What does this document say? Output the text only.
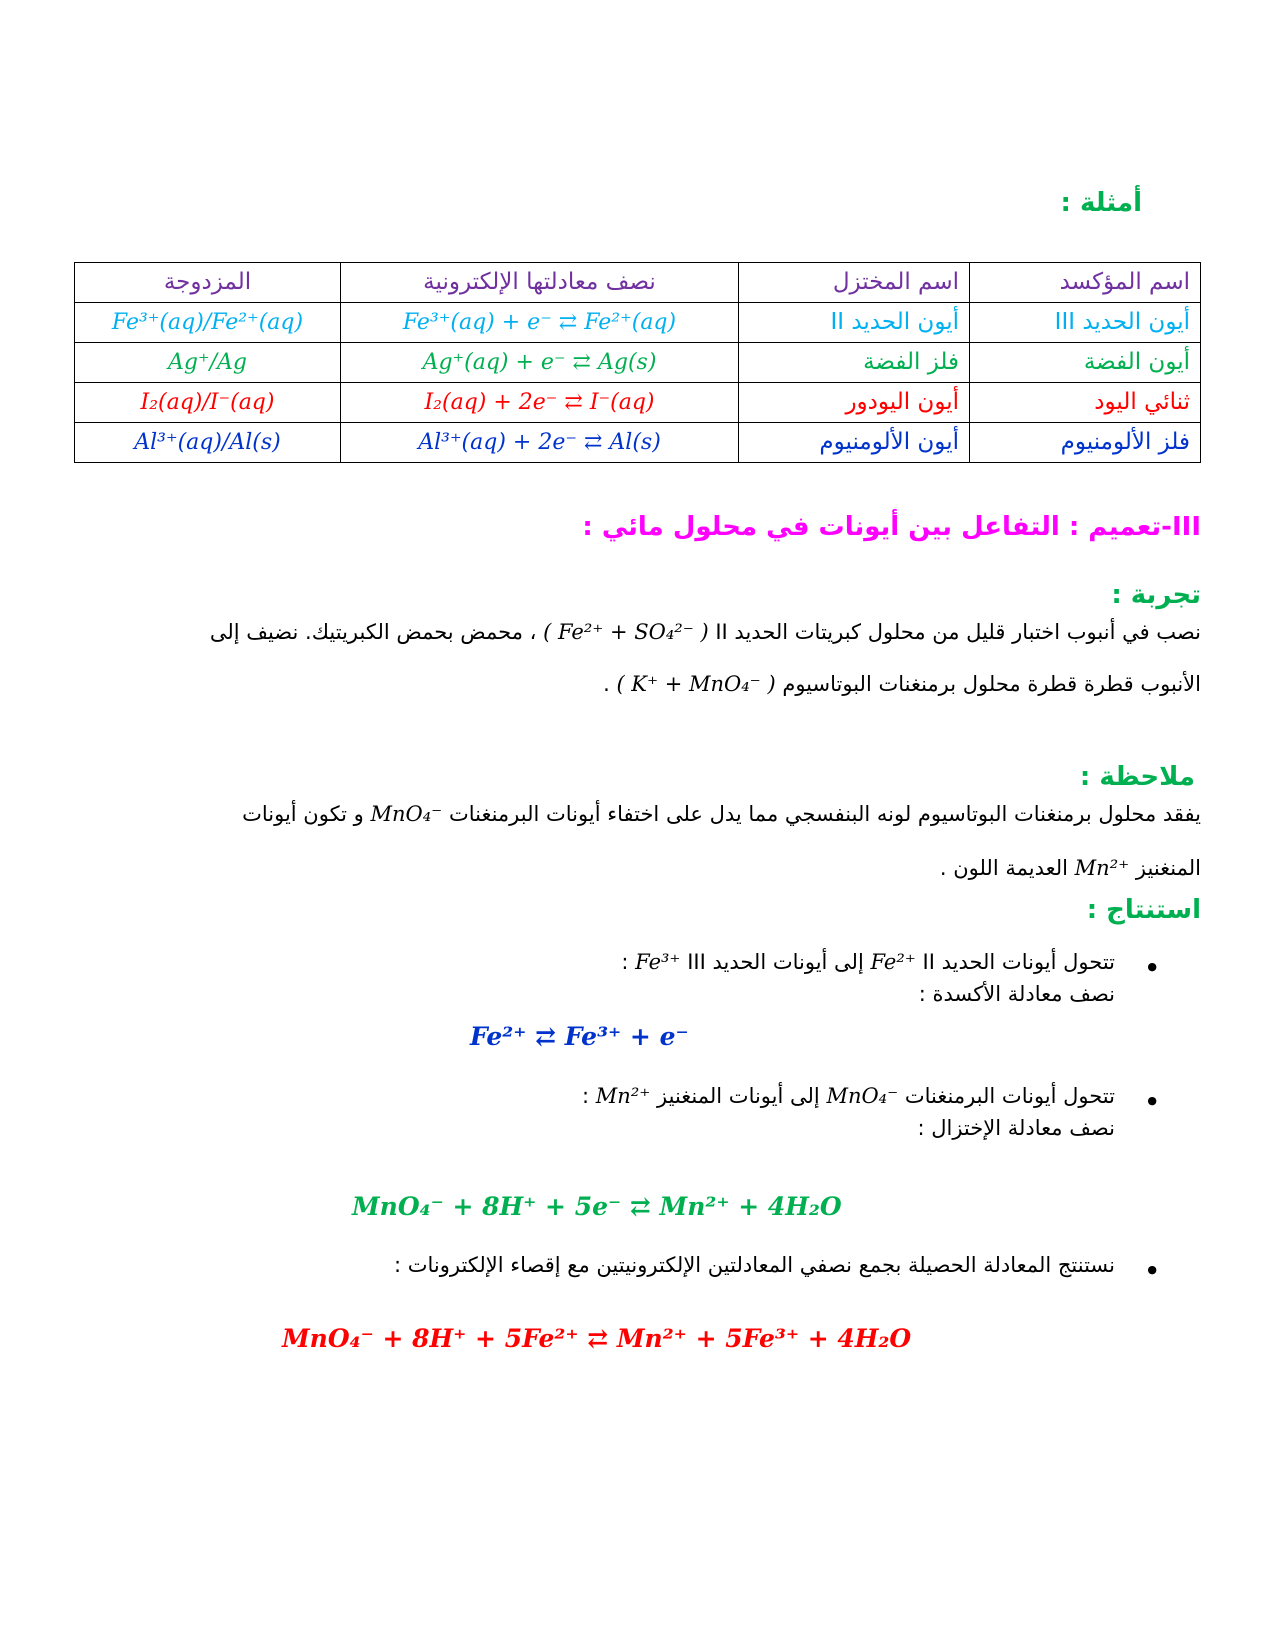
أمثلة :
اسم المؤكسد	اسم المختزل	نصف معادلتها الإلكترونية	المزدوجة
أيون الحديد III	أيون الحديد II	Fe³⁺(aq) + e⁻ ⇄ Fe²⁺(aq)	Fe³⁺(aq)/Fe²⁺(aq)
أيون الفضة	فلز الفضة	Ag⁺(aq) + e⁻ ⇄ Ag(s)	Ag⁺/Ag
ثنائي اليود	أيون اليودور	I₂(aq) + 2e⁻ ⇄ I⁻(aq)	I₂(aq)/I⁻(aq)
فلز الألومنيوم	أيون الألومنيوم	Al³⁺(aq) + 2e⁻ ⇄ Al(s)	Al³⁺(aq)/Al(s)
III-تعميم : التفاعل بين أيونات في محلول مائي :
تجربة :
نصب في أنبوب اختبار قليل من محلول كبريتات الحديد II ( Fe²⁺ + SO₄²⁻ ) ، محمض بحمض الكبريتيك. نضيف إلى
الأنبوب قطرة قطرة محلول برمنغنات البوتاسيوم ( K⁺ + MnO₄⁻ ) .
ملاحظة :
يفقد محلول برمنغنات البوتاسيوم لونه البنفسجي مما يدل على اختفاء أيونات البرمنغنات MnO₄⁻ و تكون أيونات
المنغنيز Mn²⁺ العديمة اللون .
استنتاج :
● تتحول أيونات الحديد II Fe²⁺ إلى أيونات الحديد III Fe³⁺ :
نصف معادلة الأكسدة :
Fe²⁺ ⇄ Fe³⁺ + e⁻
● تتحول أيونات البرمنغنات MnO₄⁻ إلى أيونات المنغنيز Mn²⁺ :
نصف معادلة الإختزال :
MnO₄⁻ + 8H⁺ + 5e⁻ ⇄ Mn²⁺ + 4H₂O
● نستنتج المعادلة الحصيلة بجمع نصفي المعادلتين الإلكترونيتين مع إقصاء الإلكترونات :
MnO₄⁻ + 8H⁺ + 5Fe²⁺ ⇄ Mn²⁺ + 5Fe³⁺ + 4H₂O
